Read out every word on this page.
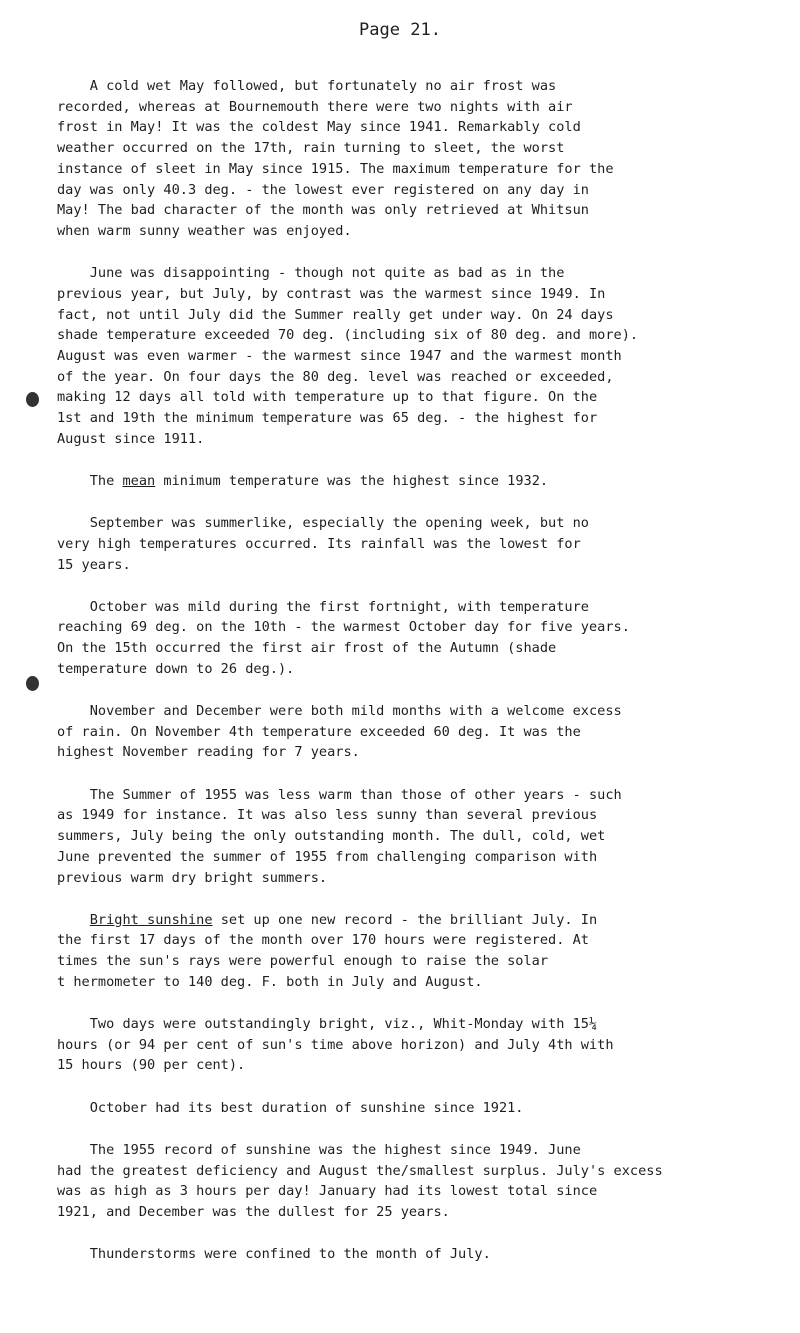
Page 21.
A cold wet May followed, but fortunately no air frost was
recorded, whereas at Bournemouth there were two nights with air
frost in May! It was the coldest May since 1941. Remarkably cold
weather occurred on the 17th, rain turning to sleet, the worst
instance of sleet in May since 1915. The maximum temperature for the
day was only 40.3 deg. - the lowest ever registered on any day in
May! The bad character of the month was only retrieved at Whitsun
when warm sunny weather was enjoyed.
June was disappointing - though not quite as bad as in the
previous year, but July, by contrast was the warmest since 1949. In
fact, not until July did the Summer really get under way. On 24 days
shade temperature exceeded 70 deg. (including six of 80 deg. and more).
August was even warmer - the warmest since 1947 and the warmest month
of the year. On four days the 80 deg. level was reached or exceeded,
making 12 days all told with temperature up to that figure. On the
1st and 19th the minimum temperature was 65 deg. - the highest for
August since 1911.
The mean minimum temperature was the highest since 1932.
September was summerlike, especially the opening week, but no
very high temperatures occurred. Its rainfall was the lowest for
15 years.
October was mild during the first fortnight, with temperature
reaching 69 deg. on the 10th - the warmest October day for five years.
On the 15th occurred the first air frost of the Autumn (shade
temperature down to 26 deg.).
November and December were both mild months with a welcome excess
of rain. On November 4th temperature exceeded 60 deg. It was the
highest November reading for 7 years.
The Summer of 1955 was less warm than those of other years - such
as 1949 for instance. It was also less sunny than several previous
summers, July being the only outstanding month. The dull, cold, wet
June prevented the summer of 1955 from challenging comparison with
previous warm dry bright summers.
Bright sunshine set up one new record - the brilliant July. In
the first 17 days of the month over 170 hours were registered. At
times the sun's rays were powerful enough to raise the solar
t hermometer to 140 deg. F. both in July and August.
Two days were outstandingly bright, viz., Whit-Monday with 15¼
hours (or 94 per cent of sun's time above horizon) and July 4th with
15 hours (90 per cent).
October had its best duration of sunshine since 1921.
The 1955 record of sunshine was the highest since 1949. June
had the greatest deficiency and August the/smallest surplus. July's excess
was as high as 3 hours per day! January had its lowest total since
1921, and December was the dullest for 25 years.
Thunderstorms were confined to the month of July.
